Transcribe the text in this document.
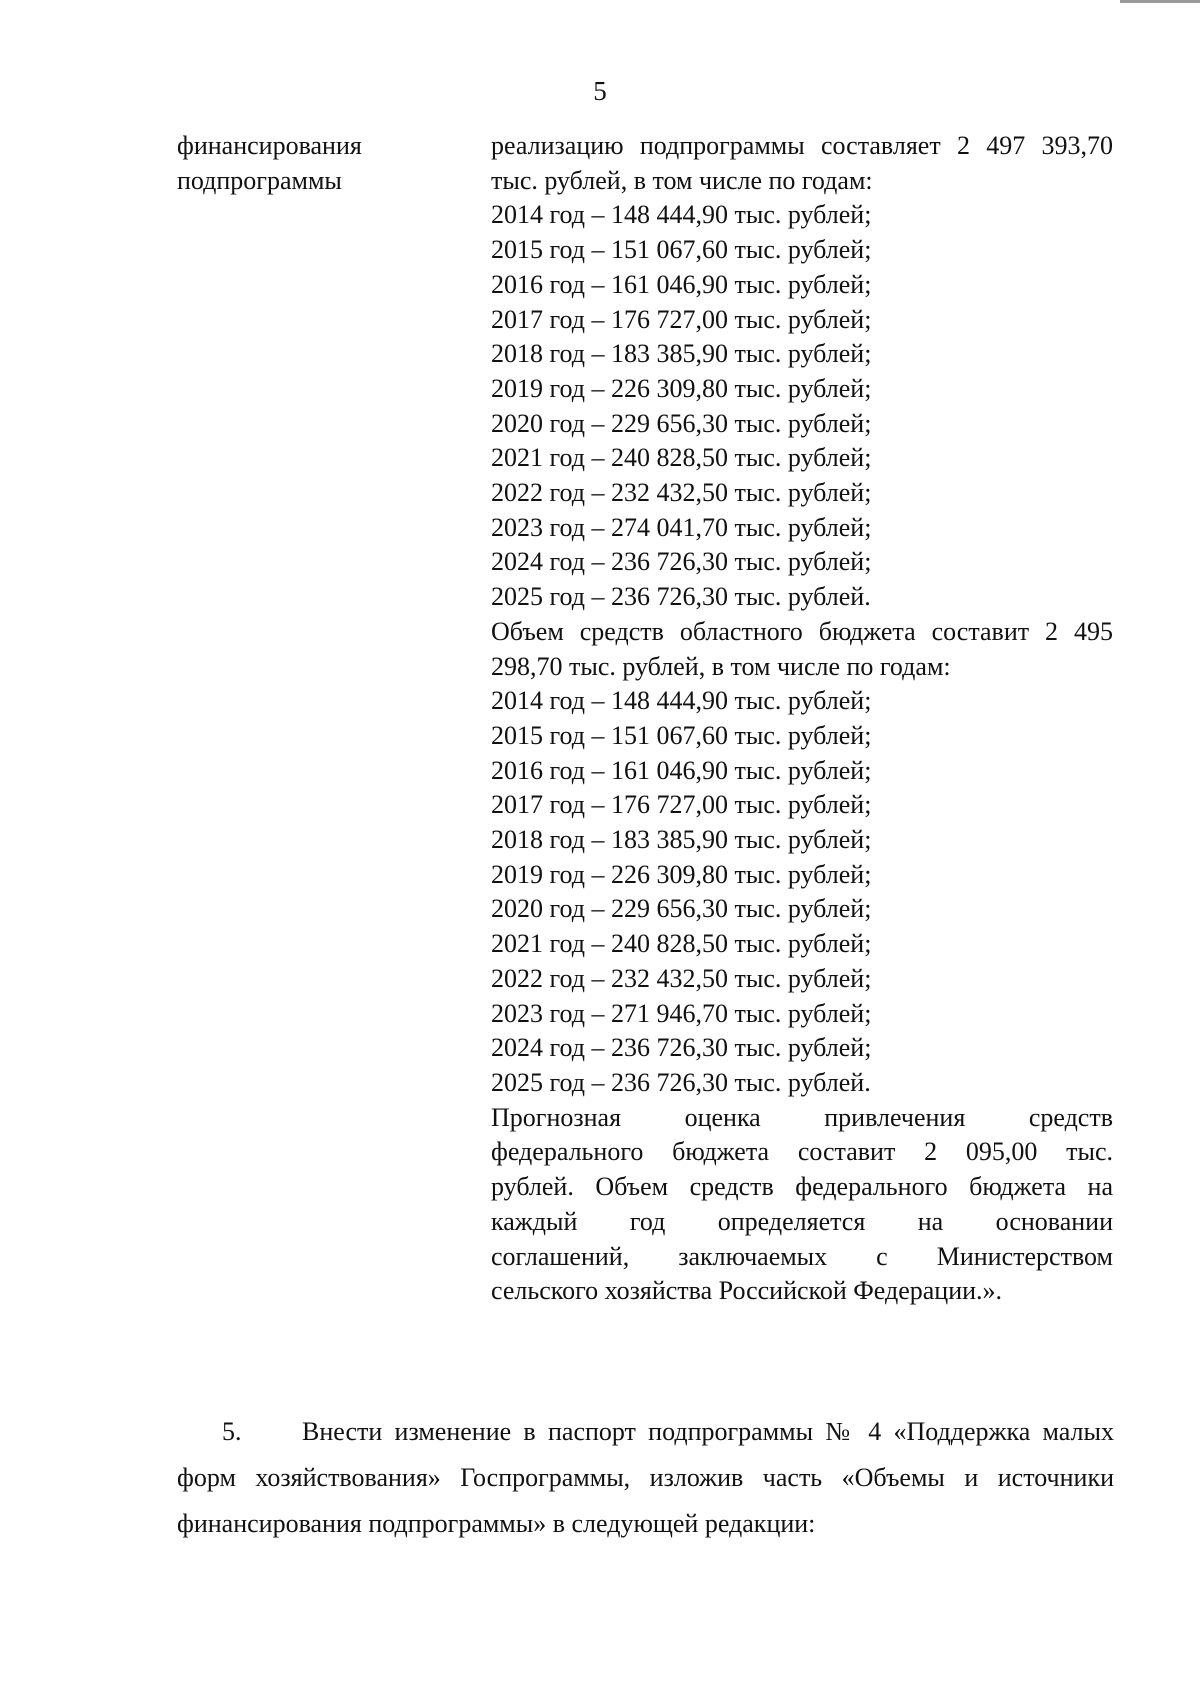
5
финансирования
подпрограммы
реализацию подпрограммы составляет 2 497 393,70
тыс. рублей, в том числе по годам:
2014 год – 148 444,90 тыс. рублей;
2015 год – 151 067,60 тыс. рублей;
2016 год – 161 046,90 тыс. рублей;
2017 год – 176 727,00 тыс. рублей;
2018 год – 183 385,90 тыс. рублей;
2019 год – 226 309,80 тыс. рублей;
2020 год – 229 656,30 тыс. рублей;
2021 год – 240 828,50 тыс. рублей;
2022 год – 232 432,50 тыс. рублей;
2023 год – 274 041,70 тыс. рублей;
2024 год – 236 726,30 тыс. рублей;
2025 год – 236 726,30 тыс. рублей.
Объем средств областного бюджета составит 2 495
298,70 тыс. рублей, в том числе по годам:
2014 год – 148 444,90 тыс. рублей;
2015 год – 151 067,60 тыс. рублей;
2016 год – 161 046,90 тыс. рублей;
2017 год – 176 727,00 тыс. рублей;
2018 год – 183 385,90 тыс. рублей;
2019 год – 226 309,80 тыс. рублей;
2020 год – 229 656,30 тыс. рублей;
2021 год – 240 828,50 тыс. рублей;
2022 год – 232 432,50 тыс. рублей;
2023 год – 271 946,70 тыс. рублей;
2024 год – 236 726,30 тыс. рублей;
2025 год – 236 726,30 тыс. рублей.
Прогнозная оценка привлечения средств
федерального бюджета составит 2 095,00 тыс.
рублей. Объем средств федерального бюджета на
каждый год определяется на основании
соглашений, заключаемых с Министерством
сельского хозяйства Российской Федерации.».
5. Внести изменение в паспорт подпрограммы № 4 «Поддержка малых
форм хозяйствования» Госпрограммы, изложив часть «Объемы и источники
финансирования подпрограммы» в следующей редакции:
